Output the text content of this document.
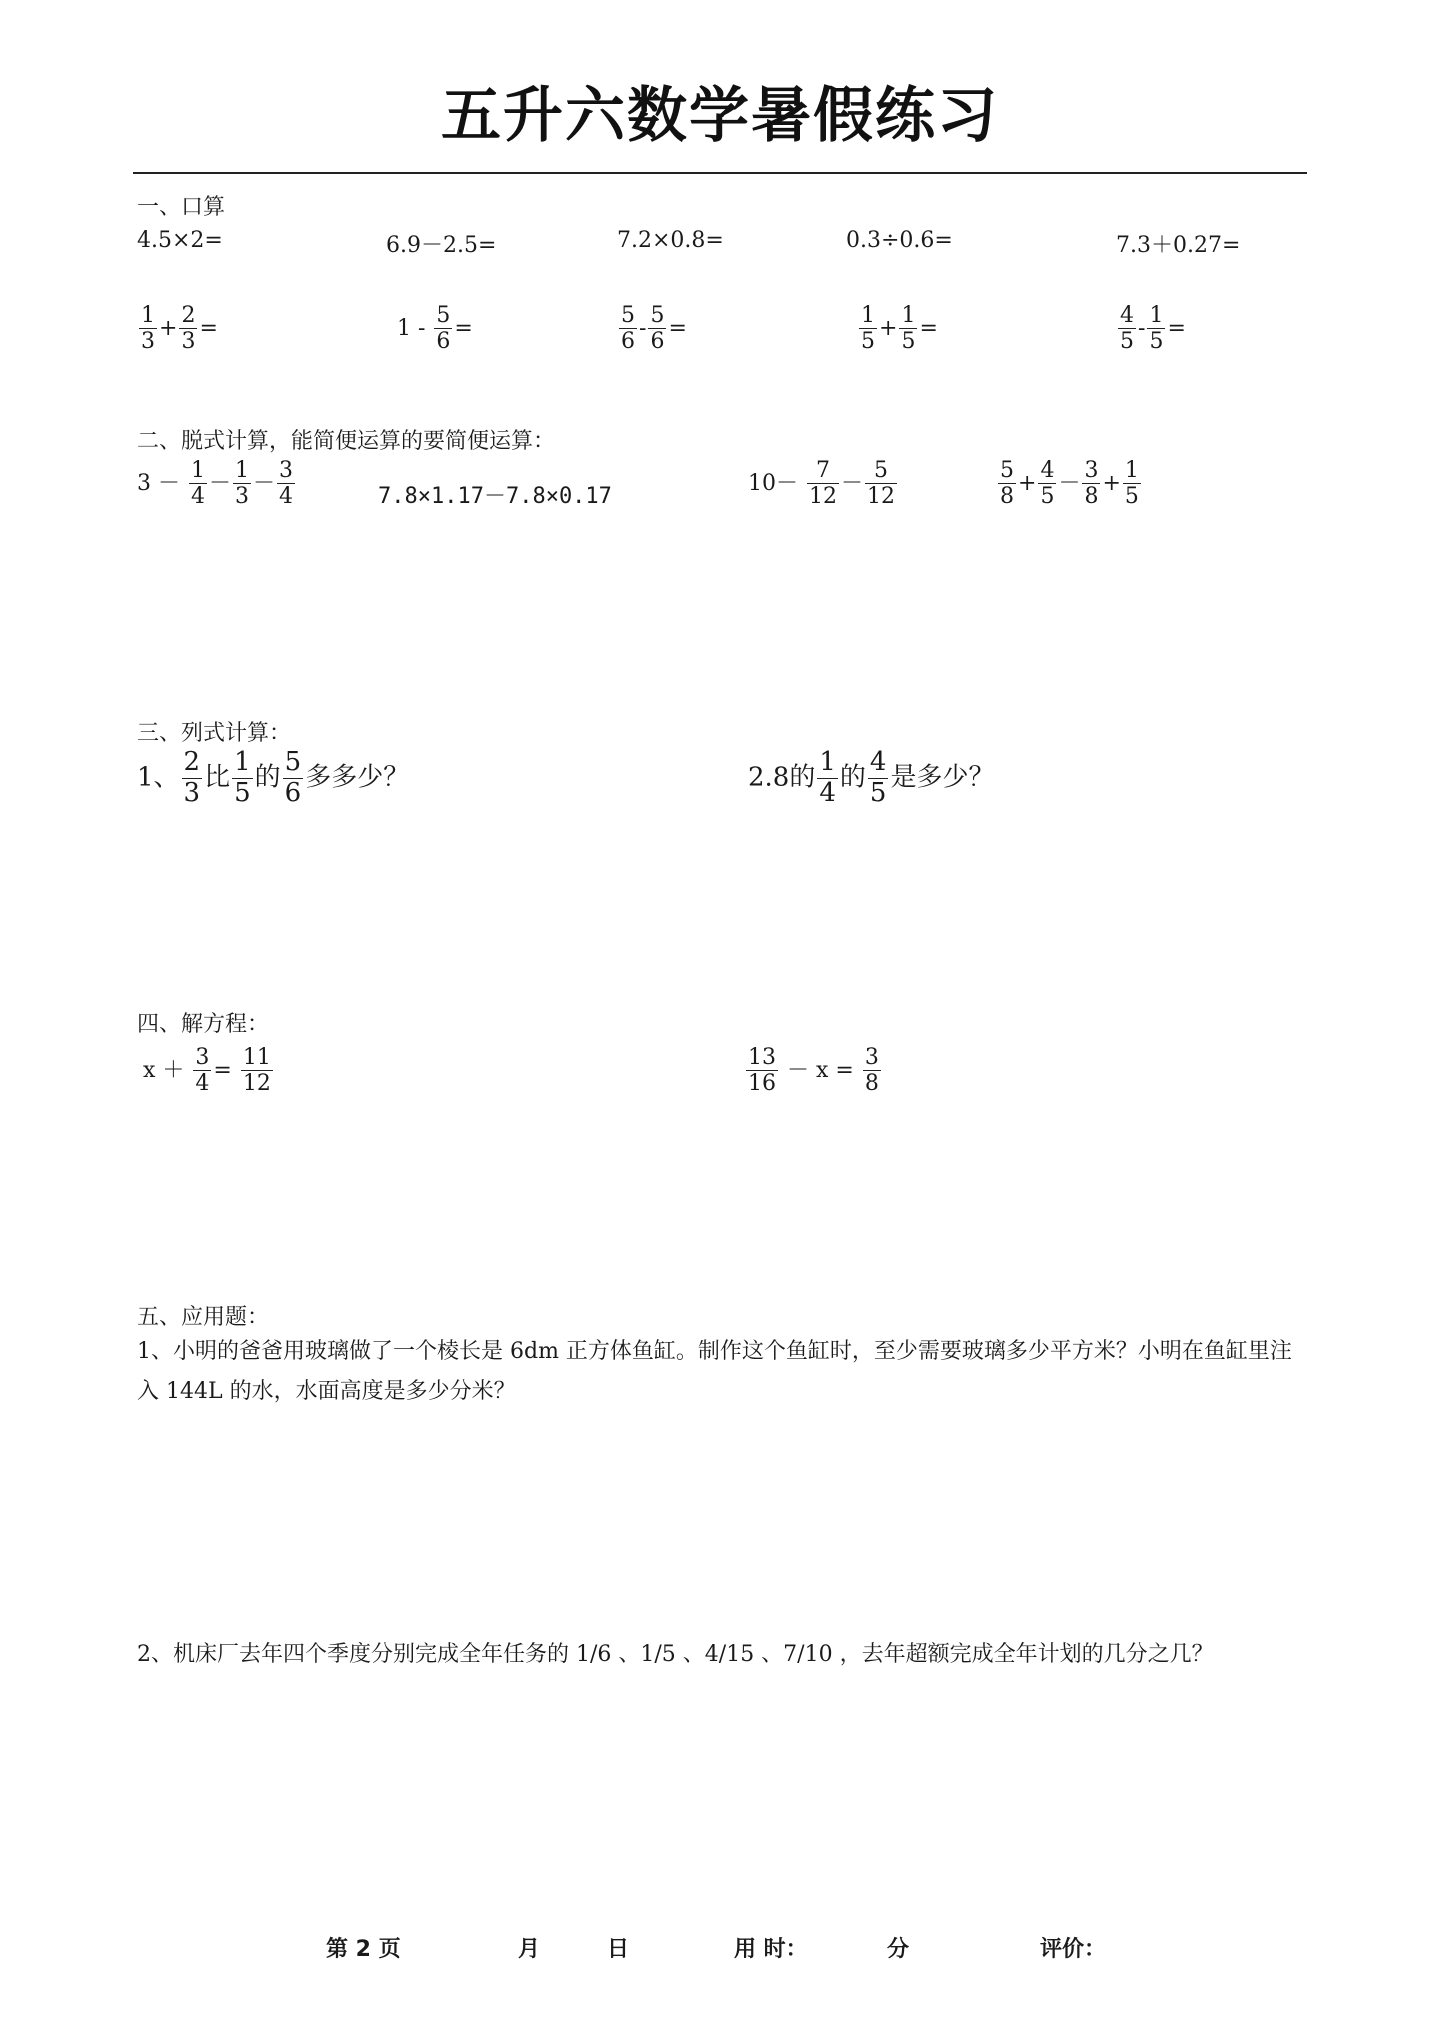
五升六数学暑假练习
一、口算
4.5×2=	6.9－2.5=	7.2×0.8=	0.3÷0.6=	7.3＋0.27=
$\frac{1}{3} + \frac{2}{3}$ =	$1 - \frac{5}{6}$ =	$\frac{5}{6} - \frac{5}{6}$ =	$\frac{1}{5} + \frac{1}{5}$ =	$\frac{4}{5} - \frac{1}{5}$ =
二、脱式计算，能简便运算的要简便运算：
$3 - \frac{1}{4} - \frac{1}{3} - \frac{3}{4}$	7.8×1.17－7.8×0.17
$10- \frac{7}{12} - \frac{5}{12}$	$\frac{5}{8} + \frac{4}{5} - \frac{3}{8} + \frac{1}{5}$
三、列式计算：
1、 $\frac{2}{3}$ 比 $\frac{1}{5}$ 的 $\frac{5}{6}$ 多多少？	2.8的 $\frac{1}{4}$ 的 $\frac{4}{5}$ 是多少？
四、解方程：
$x + \frac{3}{4} = \frac{11}{12}$	$\frac{13}{16} - x = \frac{3}{8}$
五、应用题：
1、小明的爸爸用玻璃做了一个棱长是 6dm 正方体鱼缸。制作这个鱼缸时，至少需要玻璃多少平方米？小明在鱼缸里注入 144L 的水，水面高度是多少分米？
2、机床厂去年四个季度分别完成全年任务的 1/6 、1/5 、4/15 、7/10 ，去年超额完成全年计划的几分之几？
第 2 页	月	日	用 时：	分	评价：
